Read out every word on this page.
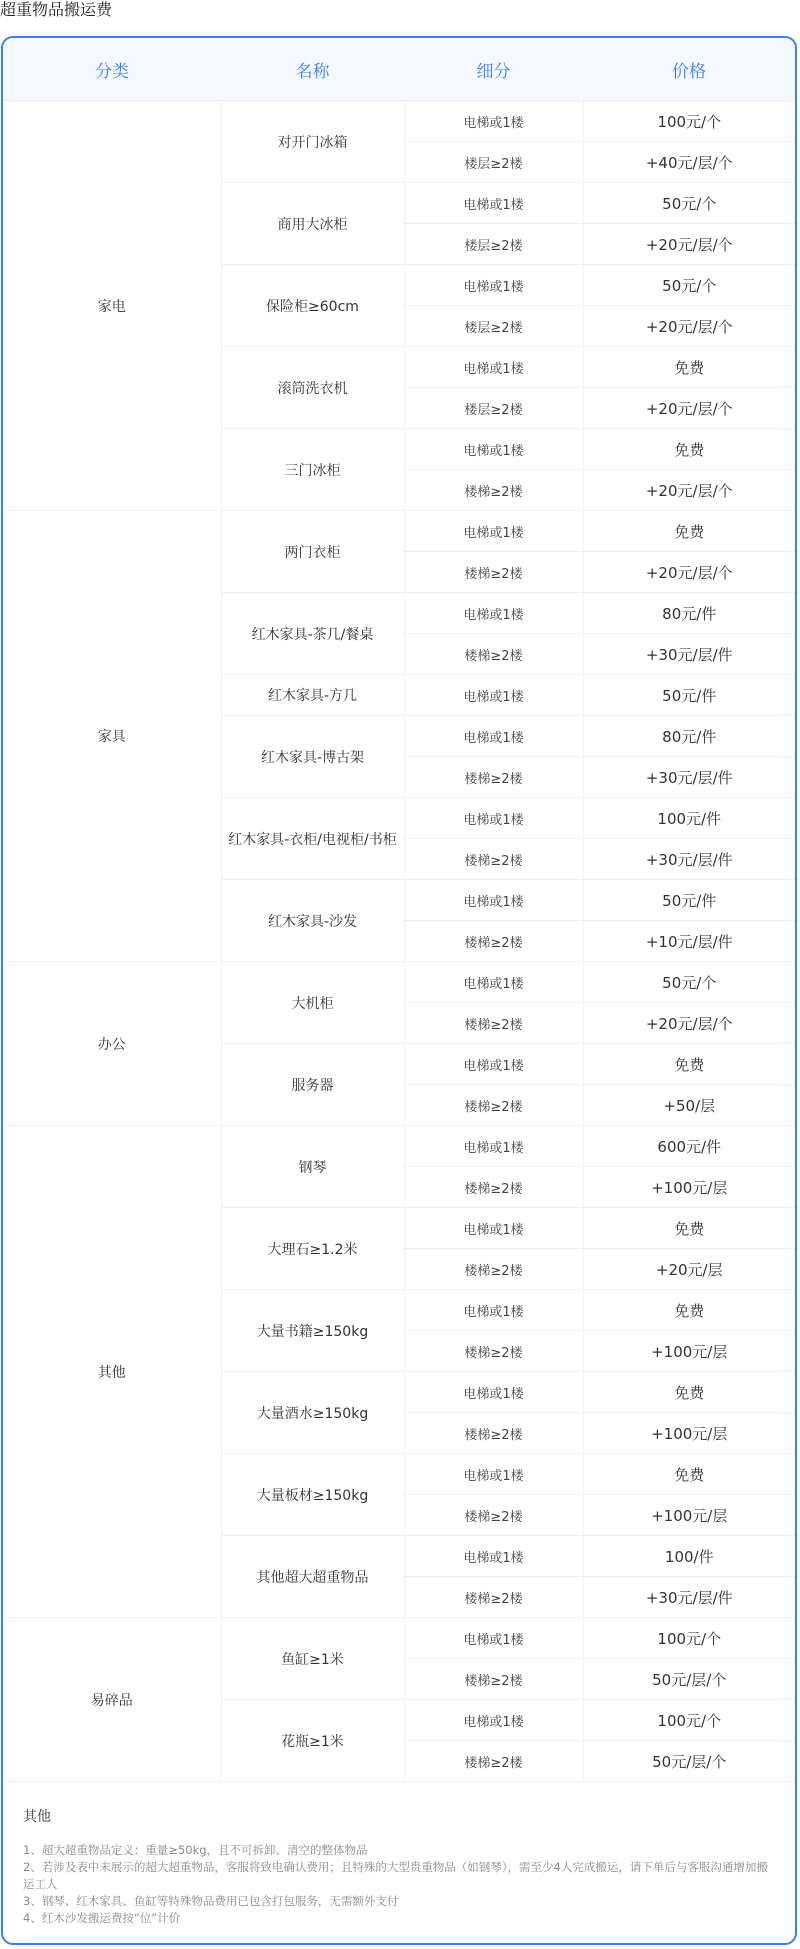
超重物品搬运费
分类	名称	细分	价格
家电	对开门冰箱	电梯或1楼	100元/个
		楼层≥2楼	+40元/层/个
	商用大冰柜	电梯或1楼	50元/个
		楼层≥2楼	+20元/层/个
	保险柜≥60cm	电梯或1楼	50元/个
		楼层≥2楼	+20元/层/个
	滚筒洗衣机	电梯或1楼	免费
		楼层≥2楼	+20元/层/个
	三门冰柜	电梯或1楼	免费
		楼梯≥2楼	+20元/层/个
家具	两门衣柜	电梯或1楼	免费
		楼梯≥2楼	+20元/层/个
	红木家具-茶几/餐桌	电梯或1楼	80元/件
		楼梯≥2楼	+30元/层/件
	红木家具-方几	电梯或1楼	50元/件
	红木家具-博古架	电梯或1楼	80元/件
		楼梯≥2楼	+30元/层/件
	红木家具-衣柜/电视柜/书柜	电梯或1楼	100元/件
		楼梯≥2楼	+30元/层/件
	红木家具-沙发	电梯或1楼	50元/件
		楼梯≥2楼	+10元/层/件
办公	大机柜	电梯或1楼	50元/个
		楼梯≥2楼	+20元/层/个
	服务器	电梯或1楼	免费
		楼梯≥2楼	+50/层
其他	钢琴	电梯或1楼	600元/件
		楼梯≥2楼	+100元/层
	大理石≥1.2米	电梯或1楼	免费
		楼梯≥2楼	+20元/层
	大量书籍≥150kg	电梯或1楼	免费
		楼梯≥2楼	+100元/层
	大量酒水≥150kg	电梯或1楼	免费
		楼梯≥2楼	+100元/层
	大量板材≥150kg	电梯或1楼	免费
		楼梯≥2楼	+100元/层
	其他超大超重物品	电梯或1楼	100/件
		楼梯≥2楼	+30元/层/件
易碎品	鱼缸≥1米	电梯或1楼	100元/个
		楼梯≥2楼	50元/层/个
	花瓶≥1米	电梯或1楼	100元/个
		楼梯≥2楼	50元/层/个
其他
1、超大超重物品定义：重量≥50kg，且不可拆卸、清空的整体物品
2、若涉及表中未展示的超大超重物品，客服将致电确认费用；且特殊的大型贵重物品（如钢琴），需至少4人完成搬运，请下单后与客服沟通增加搬运工人
3、钢琴、红木家具、鱼缸等特殊物品费用已包含打包服务，无需额外支付
4、红木沙发搬运费按“位”计价
